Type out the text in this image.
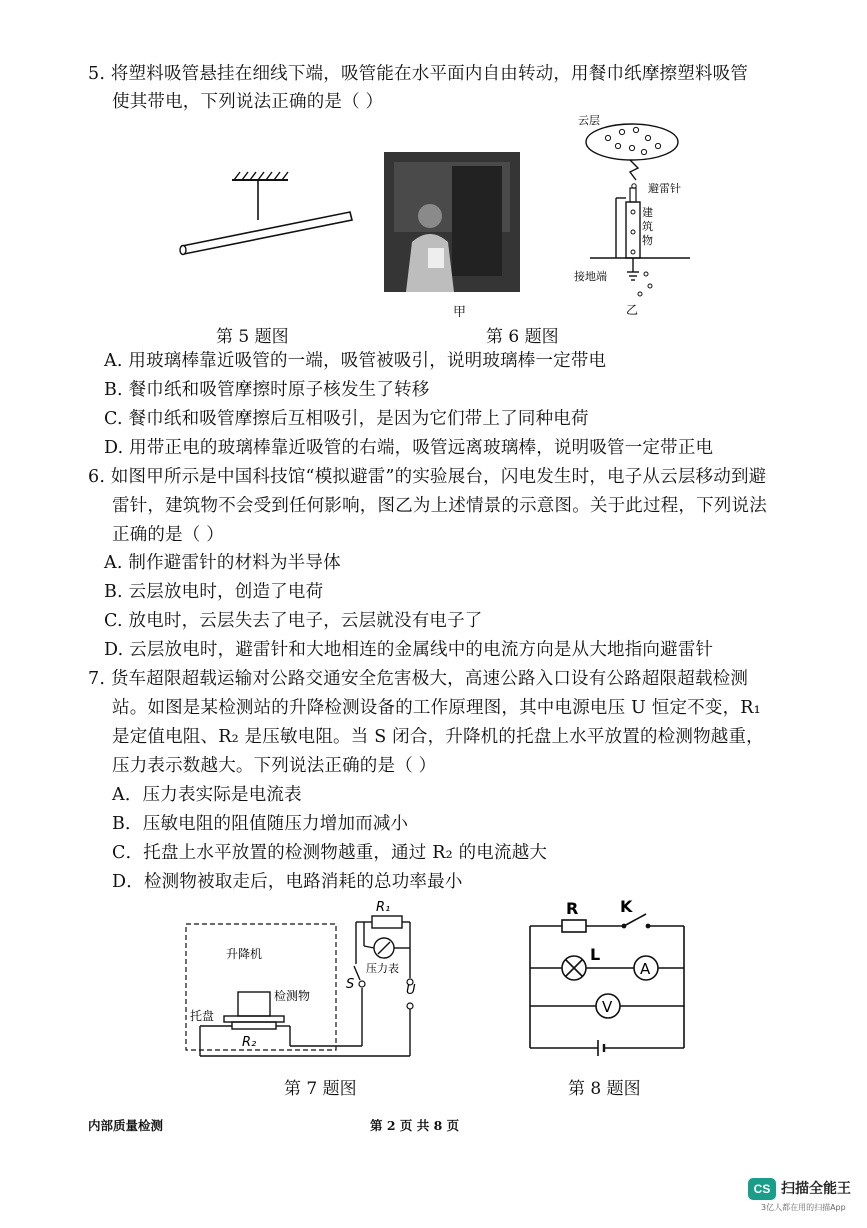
5. 将塑料吸管悬挂在细线下端，吸管能在水平面内自由转动，用餐巾纸摩擦塑料吸管
使其带电，下列说法正确的是（ ）
甲
云层
避雷针
建
筑
物
接地端
乙
第 5 题图	第 6 题图
A. 用玻璃棒靠近吸管的一端，吸管被吸引，说明玻璃棒一定带电
B. 餐巾纸和吸管摩擦时原子核发生了转移
C. 餐巾纸和吸管摩擦后互相吸引，是因为它们带上了同种电荷
D. 用带正电的玻璃棒靠近吸管的右端，吸管远离玻璃棒，说明吸管一定带正电
6. 如图甲所示是中国科技馆“模拟避雷”的实验展台，闪电发生时，电子从云层移动到避
雷针，建筑物不会受到任何影响，图乙为上述情景的示意图。关于此过程，下列说法
正确的是（ ）
A. 制作避雷针的材料为半导体
B. 云层放电时，创造了电荷
C. 放电时，云层失去了电子，云层就没有电子了
D. 云层放电时，避雷针和大地相连的金属线中的电流方向是从大地指向避雷针
7. 货车超限超载运输对公路交通安全危害极大，高速公路入口设有公路超限超载检测
站。如图是某检测站的升降检测设备的工作原理图，其中电源电压 U 恒定不变，R₁
是定值电阻、R₂ 是压敏电阻。当 S 闭合，升降机的托盘上水平放置的检测物越重，
压力表示数越大。下列说法正确的是（ ）
A．压力表实际是电流表
B．压敏电阻的阻值随压力增加而减小
C．托盘上水平放置的检测物越重，通过 R₂ 的电流越大
D．检测物被取走后，电路消耗的总功率最小
升降机
检测物
托盘
R₂
R₁
压力表
S	U
R	K
L
A
V
第 7 题图	第 8 题图
内部质量检测	第 2 页 共 8 页
CS 扫描全能王
3亿人都在用的扫描App
